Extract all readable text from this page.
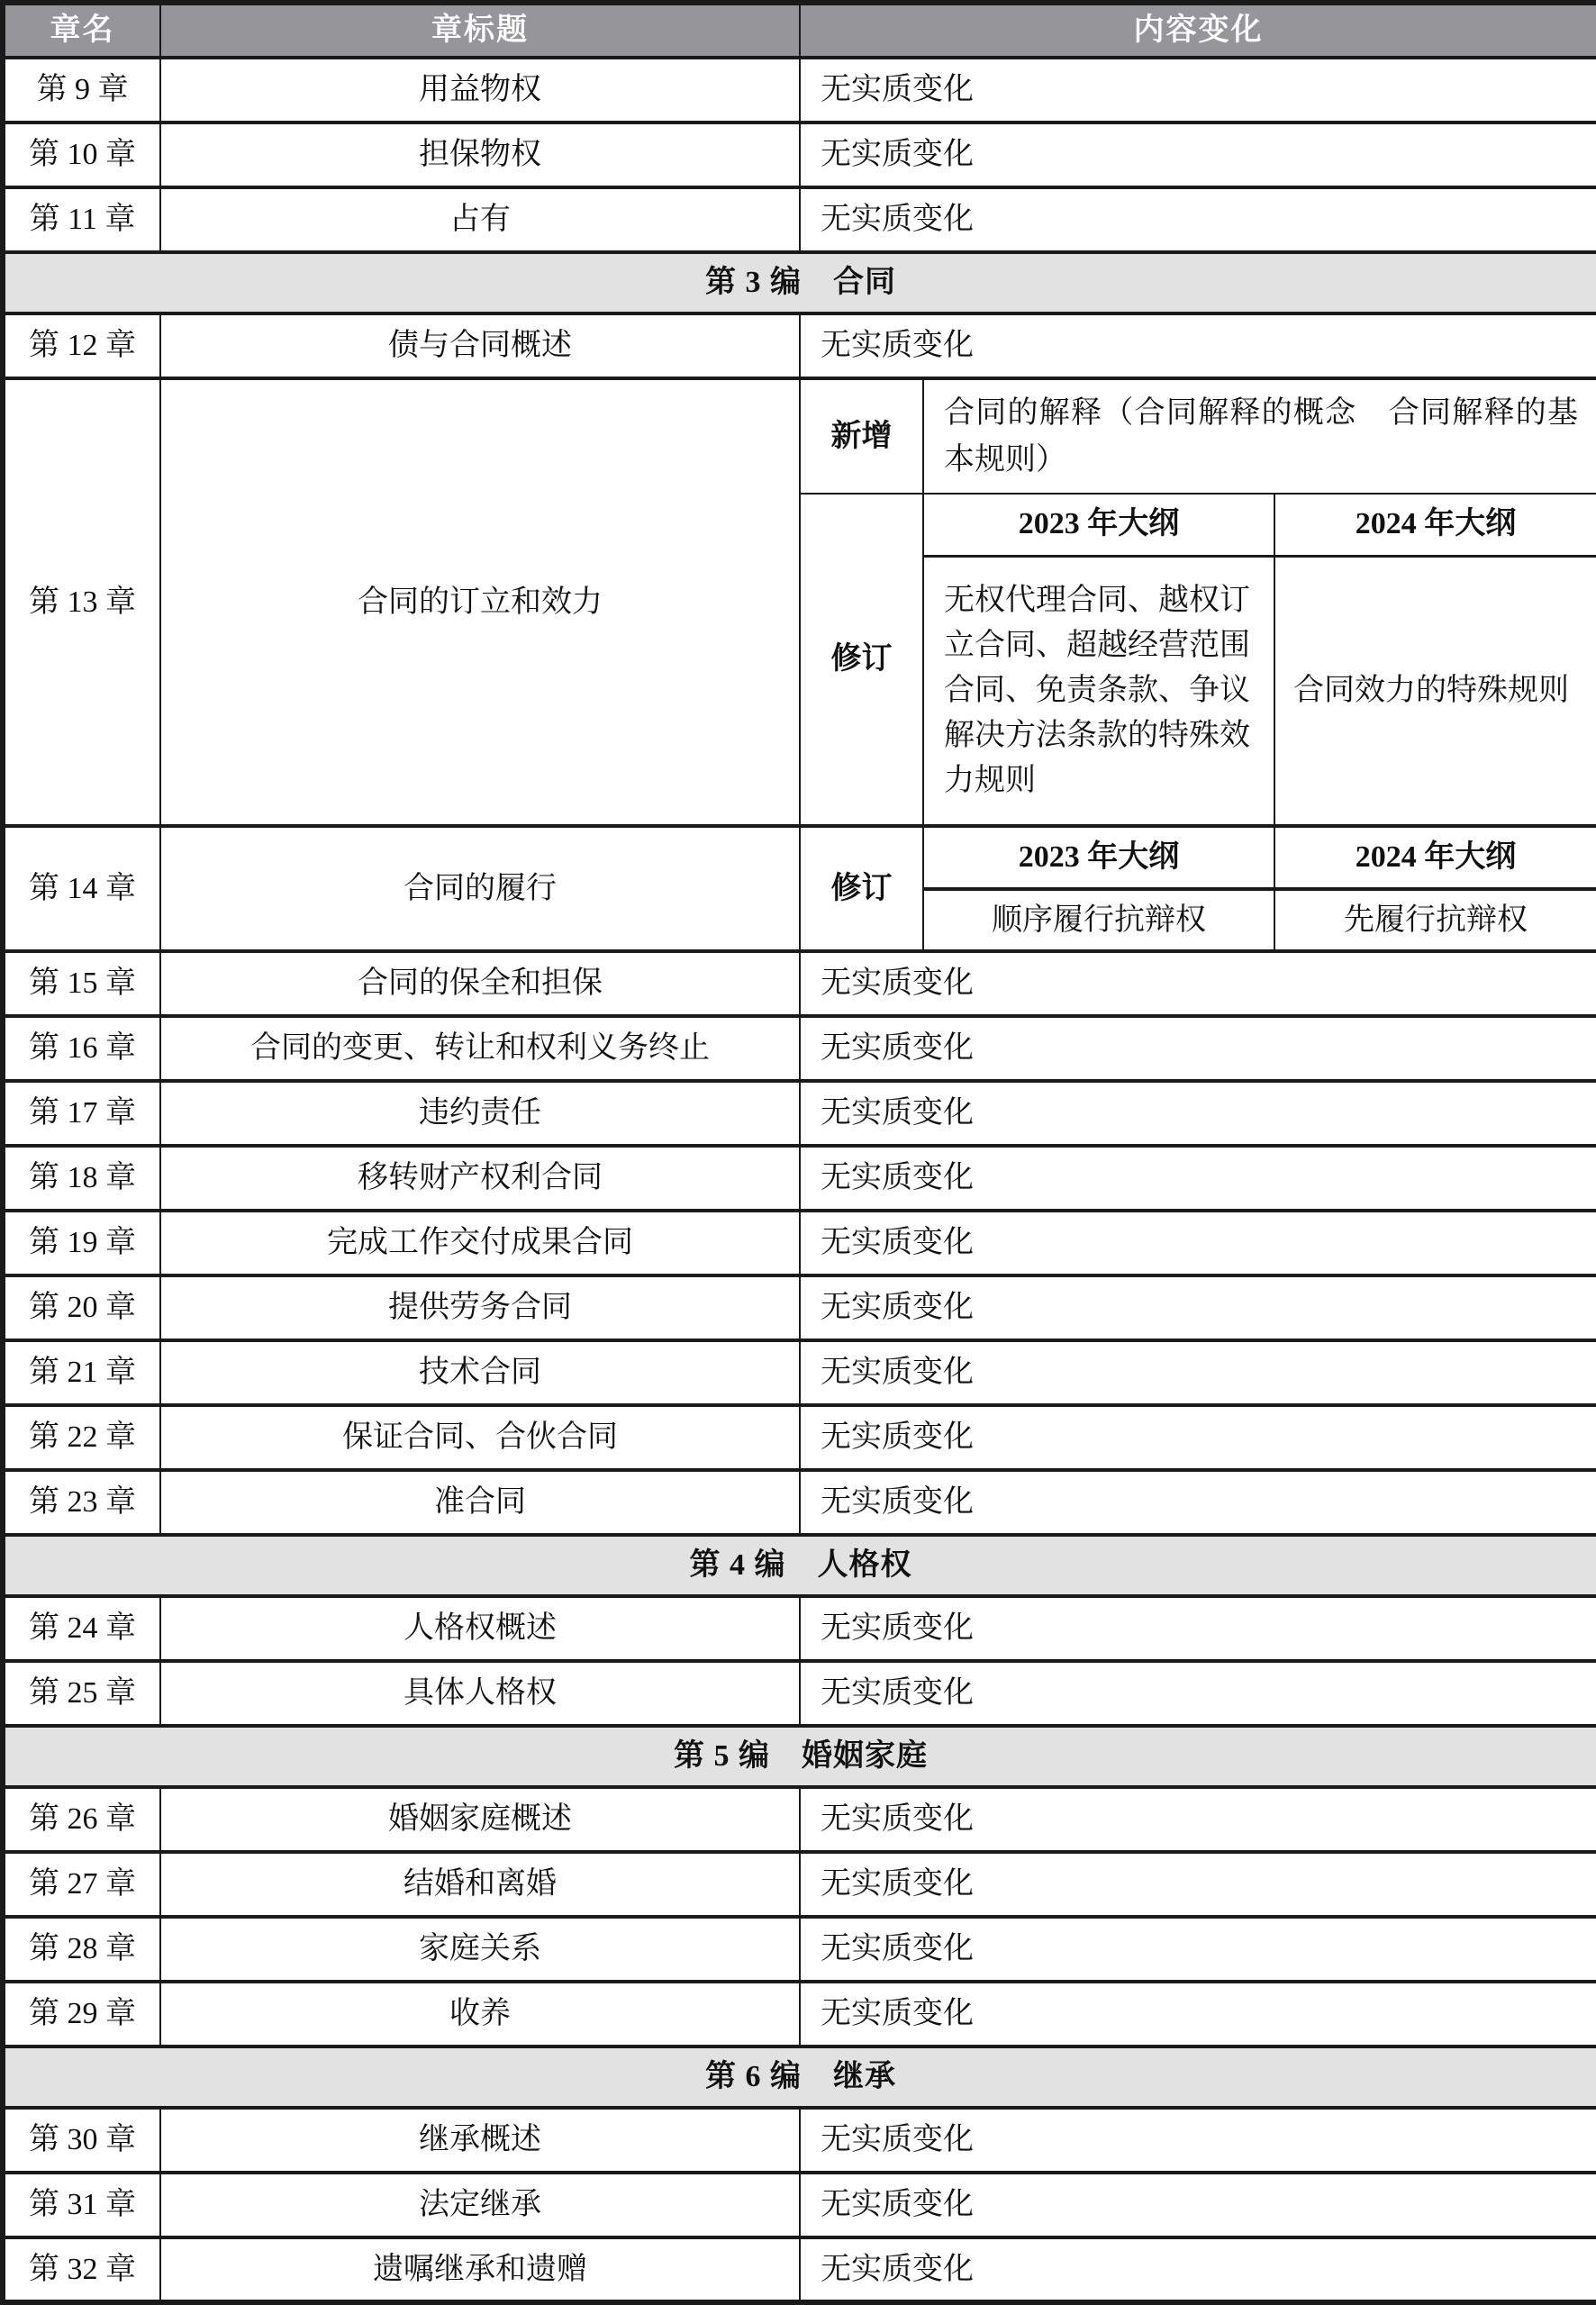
章名	章标题	内容变化		
第 9 章	用益物权	无实质变化		
第 10 章	担保物权	无实质变化		
第 11 章	占有	无实质变化		
第 3 编　合同				
第 12 章	债与合同概述	无实质变化		
第 13 章	合同的订立和效力	新增	合同的解释（合同解释的概念　合同解释的基本规则）	
		修订	2023 年大纲	2024 年大纲
			无权代理合同、越权订立合同、超越经营范围合同、免责条款、争议解决方法条款的特殊效力规则	合同效力的特殊规则
第 14 章	合同的履行	修订	2023 年大纲	2024 年大纲
			顺序履行抗辩权	先履行抗辩权
第 15 章	合同的保全和担保	无实质变化		
第 16 章	合同的变更、转让和权利义务终止	无实质变化		
第 17 章	违约责任	无实质变化		
第 18 章	移转财产权利合同	无实质变化		
第 19 章	完成工作交付成果合同	无实质变化		
第 20 章	提供劳务合同	无实质变化		
第 21 章	技术合同	无实质变化		
第 22 章	保证合同、合伙合同	无实质变化		
第 23 章	准合同	无实质变化		
第 4 编　人格权				
第 24 章	人格权概述	无实质变化		
第 25 章	具体人格权	无实质变化		
第 5 编　婚姻家庭				
第 26 章	婚姻家庭概述	无实质变化		
第 27 章	结婚和离婚	无实质变化		
第 28 章	家庭关系	无实质变化		
第 29 章	收养	无实质变化		
第 6 编　继承				
第 30 章	继承概述	无实质变化		
第 31 章	法定继承	无实质变化		
第 32 章	遗嘱继承和遗赠	无实质变化		
